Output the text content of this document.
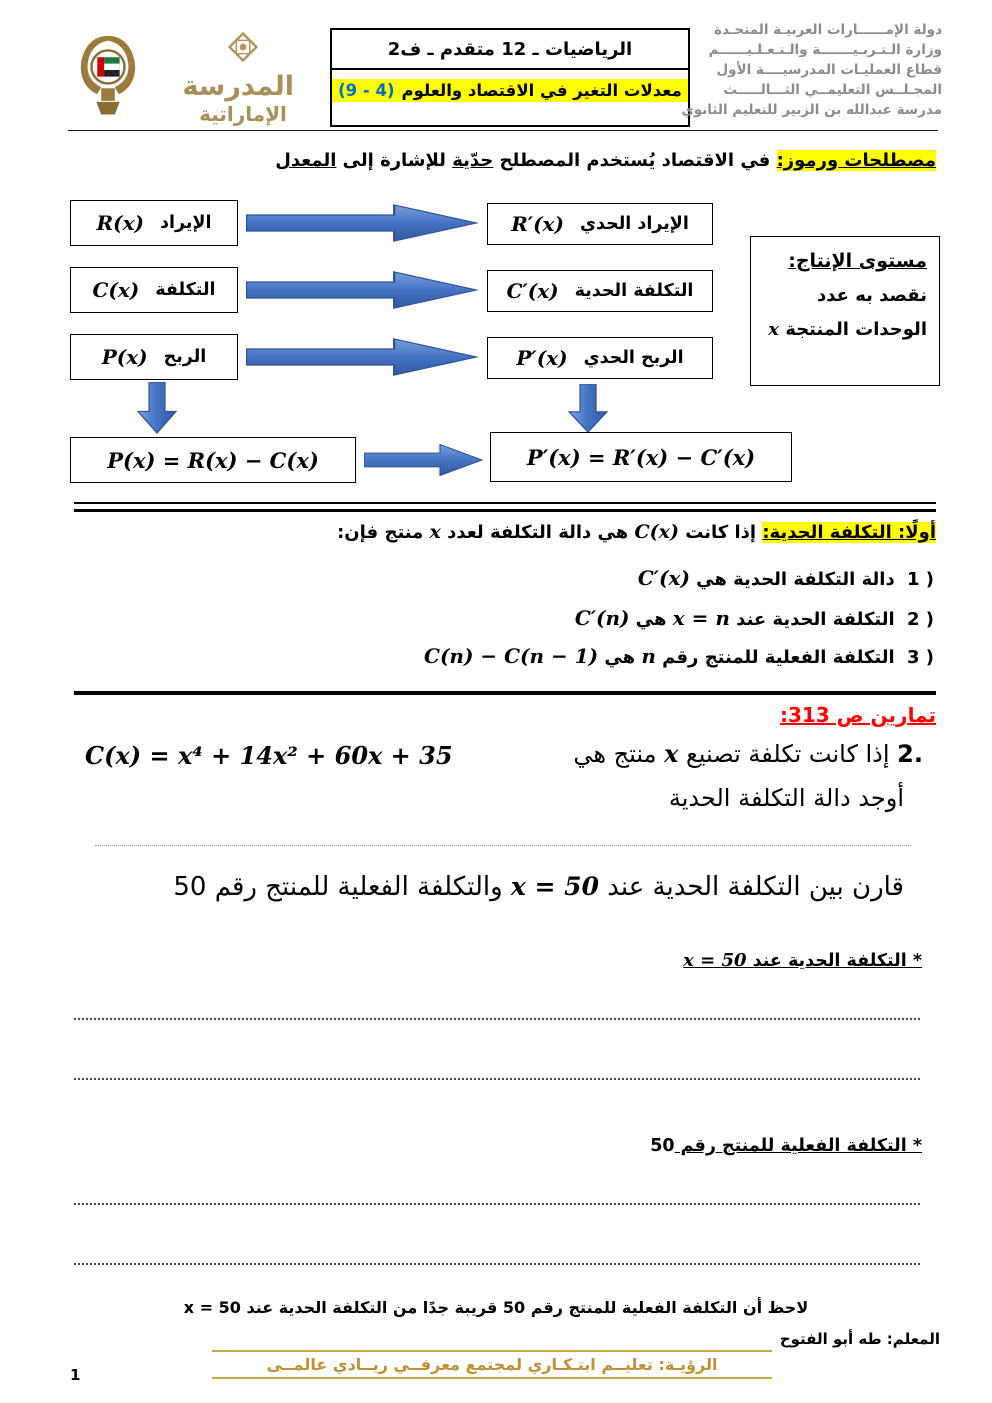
المدرسة
الإماراتية
الرياضيات ـ 12 متقدم ـ ف2
(9 - 4) معدلات التغير في الاقتصاد والعلوم
دولة الإمــــــارات العربيـة المتحـدة
وزارة الـتـربـيـــــــة والـتـعـلـيــــــم
قطاع العمليـات المدرسيــــة الأول
المجـلــس التعليمــي الثـــالـــــث
مدرسة عبدالله بن الزبير للتعليم الثانوي

مصطلحات ورموز: في الاقتصاد يُستخدم المصطلح حدّية للإشارة إلى المعدل

الإيراد
R(x)
التكلفة
C(x)
الربح
P(x)
الإيراد الحدي
R′(x)
التكلفة الحدية
C′(x)
الربح الحدي
P′(x)
مستوى الإنتاج:
نقصد به عدد
الوحدات المنتجة x
P(x) = R(x) − C(x)	P′(x) = R′(x) − C′(x)

أولًا: التكلفة الحدية: إذا كانت C(x) هي دالة التكلفة لعدد x منتج فإن:

1 ) دالة التكلفة الحدية هي C′(x)

2 ) التكلفة الحدية عند x = n هي C′(n)

3 ) التكلفة الفعلية للمنتج رقم n هي C(n) − C(n − 1)

تمارين ص 313:

2. إذا كانت تكلفة تصنيع x منتج هي
C(x) = x⁴ + 14x² + 60x + 35

أوجد دالة التكلفة الحدية

قارن بين التكلفة الحدية عند x = 50 والتكلفة الفعلية للمنتج رقم 50

* التكلفة الحدية عند x = 50

* التكلفة الفعلية للمنتج رقم 50

لاحظ أن التكلفة الفعلية للمنتج رقم 50 قريبة جدًا من التكلفة الحدية عند x = 50

المعلم: طه أبو الفتوح

الرؤيـة: تعليــم ابتـكـاري لمجتمع معرفــي ريــادي عالمــى

1
